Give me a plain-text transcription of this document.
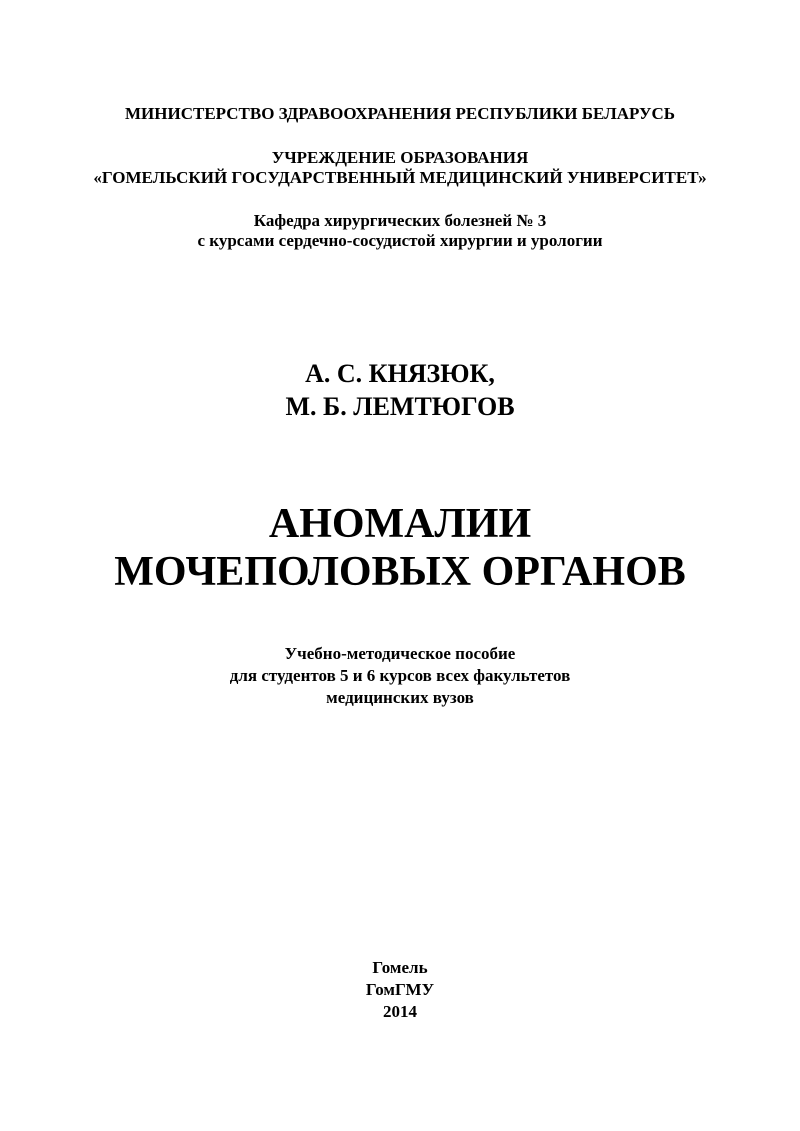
МИНИСТЕРСТВО ЗДРАВООХРАНЕНИЯ РЕСПУБЛИКИ БЕЛАРУСЬ
УЧРЕЖДЕНИЕ ОБРАЗОВАНИЯ
«ГОМЕЛЬСКИЙ ГОСУДАРСТВЕННЫЙ МЕДИЦИНСКИЙ УНИВЕРСИТЕТ»
Кафедра хирургических болезней № 3
с курсами сердечно-сосудистой хирургии и урологии
А. С. КНЯЗЮК,
М. Б. ЛЕМТЮГОВ
АНОМАЛИИ
МОЧЕПОЛОВЫХ ОРГАНОВ
Учебно-методическое пособие
для студентов 5 и 6 курсов всех факультетов
медицинских вузов
Гомель
ГомГМУ
2014
